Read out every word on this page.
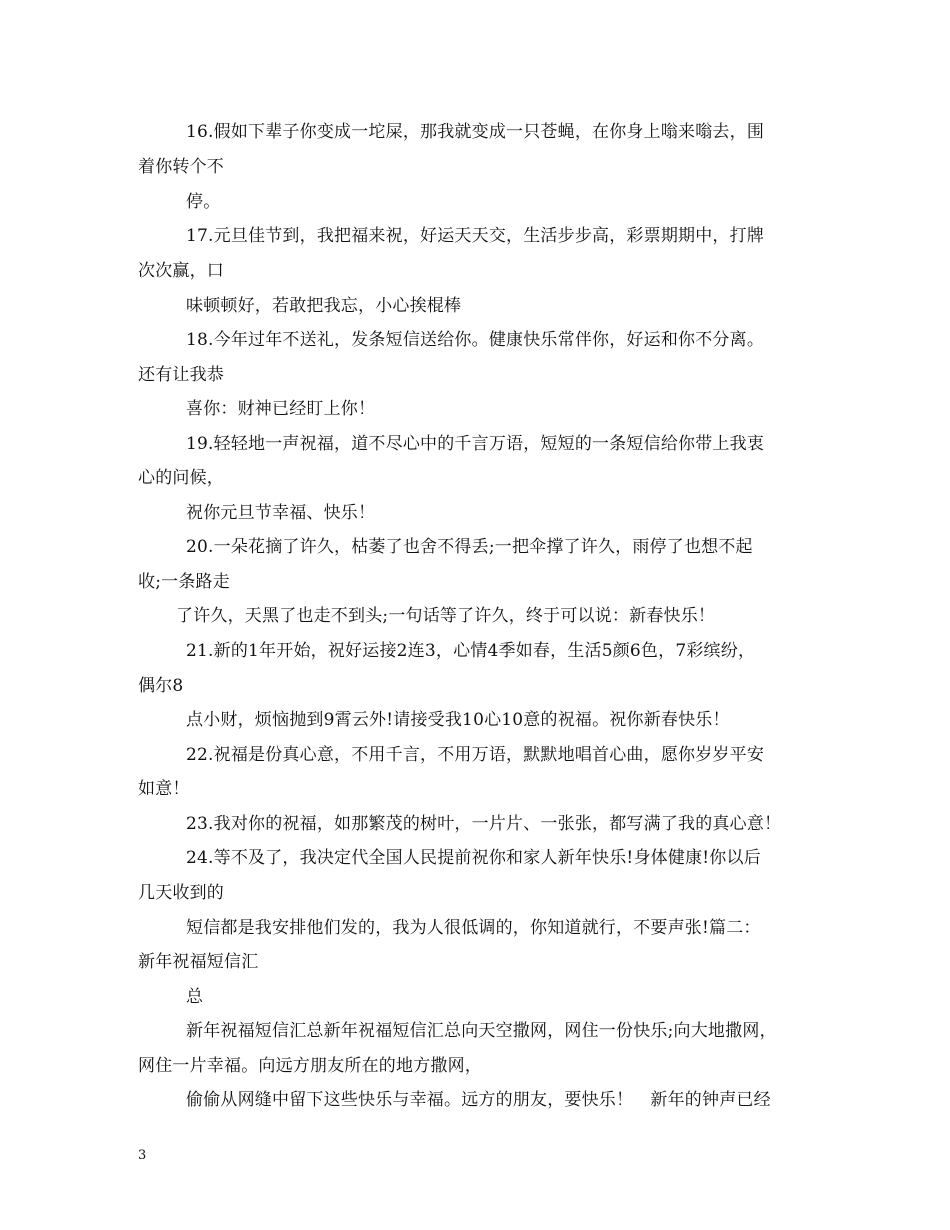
16.假如下辈子你变成一坨屎，那我就变成一只苍蝇，在你身上嗡来嗡去，围
着你转个不
停。
17.元旦佳节到，我把福来祝，好运天天交，生活步步高，彩票期期中，打牌
次次赢，口
味顿顿好，若敢把我忘，小心挨棍棒
18.今年过年不送礼，发条短信送给你。健康快乐常伴你，好运和你不分离。
还有让我恭
喜你：财神已经盯上你！
19.轻轻地一声祝福，道不尽心中的千言万语，短短的一条短信给你带上我衷
心的问候，
祝你元旦节幸福、快乐！
20.一朵花摘了许久，枯萎了也舍不得丢;一把伞撑了许久，雨停了也想不起
收;一条路走
了许久，天黑了也走不到头;一句话等了许久，终于可以说：新春快乐！
21.新的1年开始，祝好运接2连3，心情4季如春，生活5颜6色，7彩缤纷，
偶尔8
点小财，烦恼抛到9霄云外!请接受我10心10意的祝福。祝你新春快乐！
22.祝福是份真心意，不用千言，不用万语，默默地唱首心曲，愿你岁岁平安
如意！
23.我对你的祝福，如那繁茂的树叶，一片片、一张张，都写满了我的真心意！
24.等不及了，我决定代全国人民提前祝你和家人新年快乐!身体健康!你以后
几天收到的
短信都是我安排他们发的，我为人很低调的，你知道就行，不要声张!篇二：
新年祝福短信汇
总
新年祝福短信汇总新年祝福短信汇总向天空撒网，网住一份快乐;向大地撒网，
网住一片幸福。向远方朋友所在的地方撒网，
偷偷从网缝中留下这些快乐与幸福。远方的朋友，要快乐！　新年的钟声已经
3
